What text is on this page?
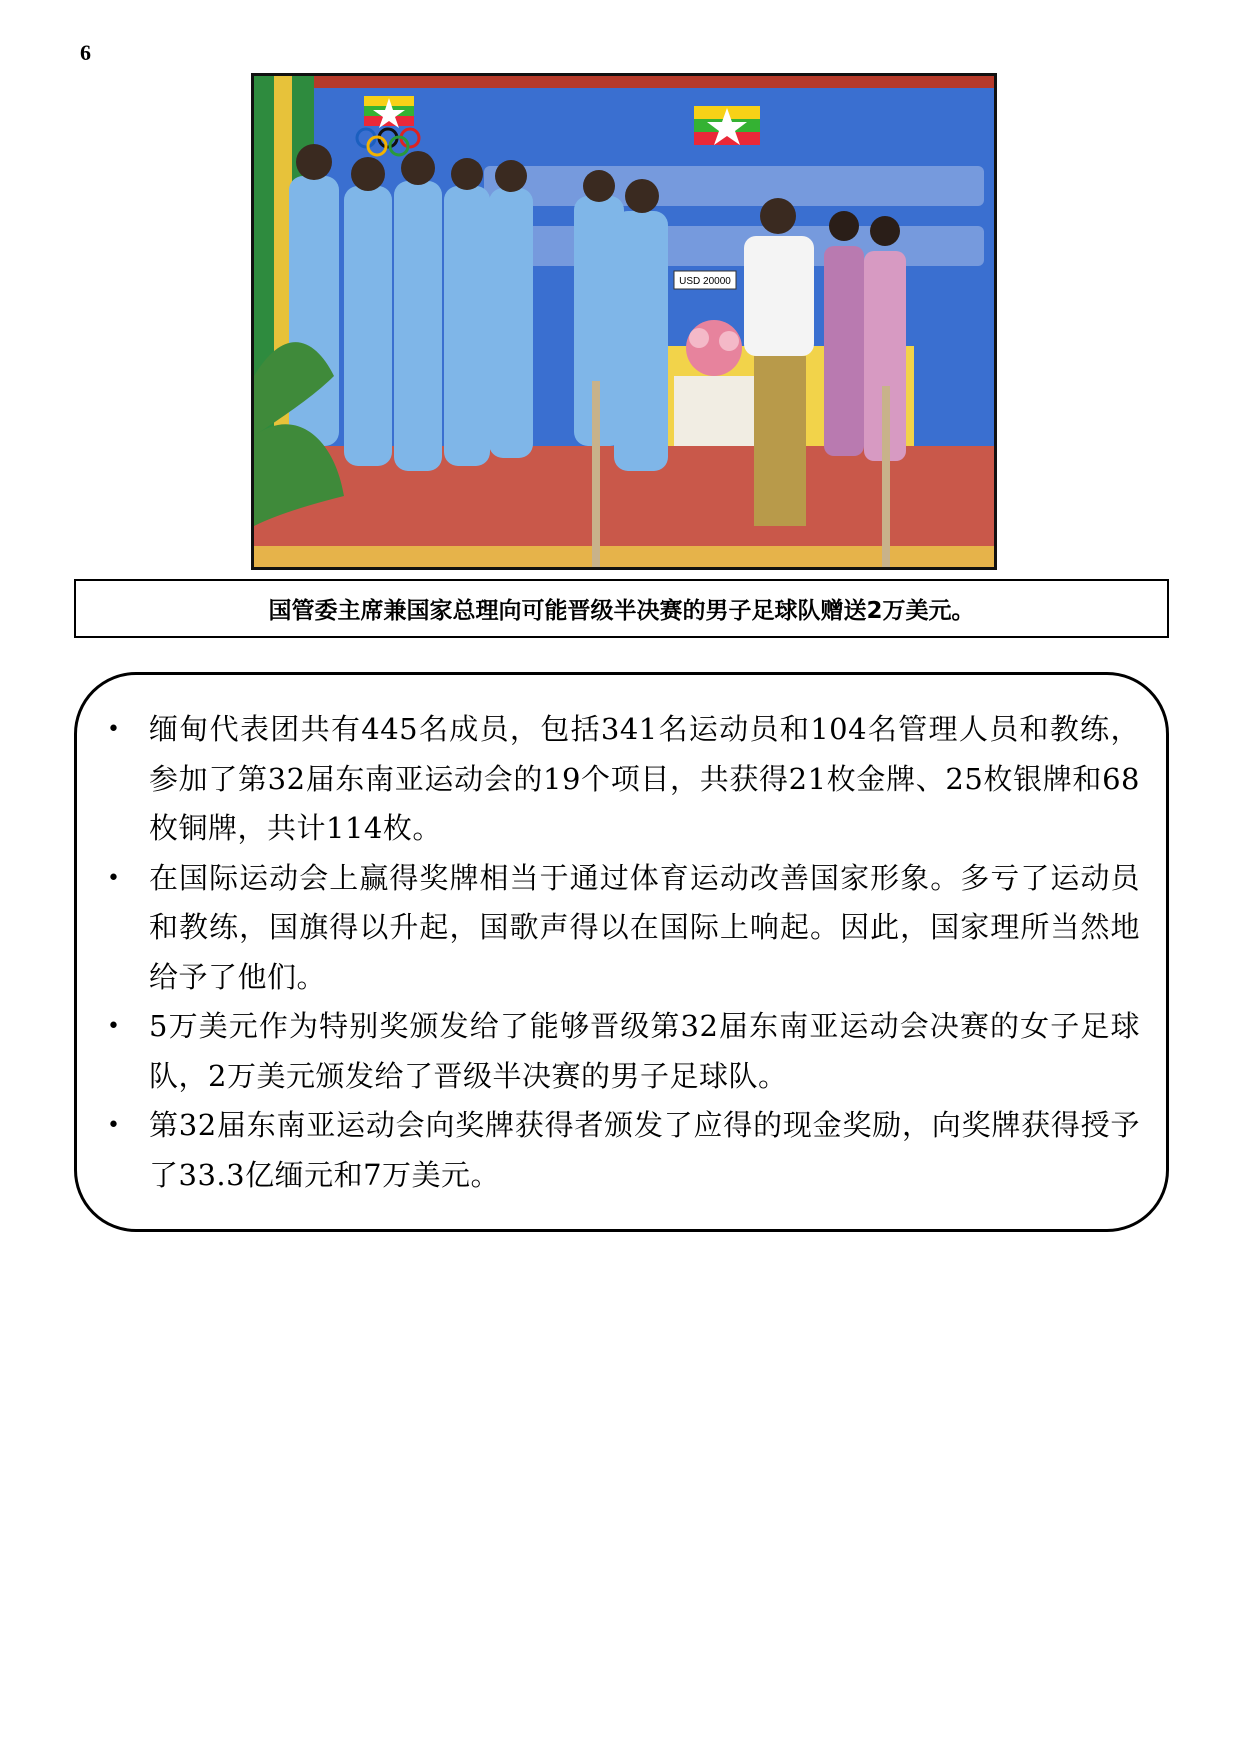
6
USD 20000
国管委主席兼国家总理向可能晋级半决赛的男子足球队赠送2万美元。
• 缅甸代表团共有445名成员，包括341名运动员和104名管理人员和教练，参加了第32届东南亚运动会的19个项目，共获得21枚金牌、25枚银牌和68枚铜牌，共计114枚。
• 在国际运动会上赢得奖牌相当于通过体育运动改善国家形象。多亏了运动员和教练，国旗得以升起，国歌声得以在国际上响起。因此，国家理所当然地给予了他们。
• 5万美元作为特别奖颁发给了能够晋级第32届东南亚运动会决赛的女子足球队，2万美元颁发给了晋级半决赛的男子足球队。
• 第32届东南亚运动会向奖牌获得者颁发了应得的现金奖励，向奖牌获得授予了33.3亿缅元和7万美元。
